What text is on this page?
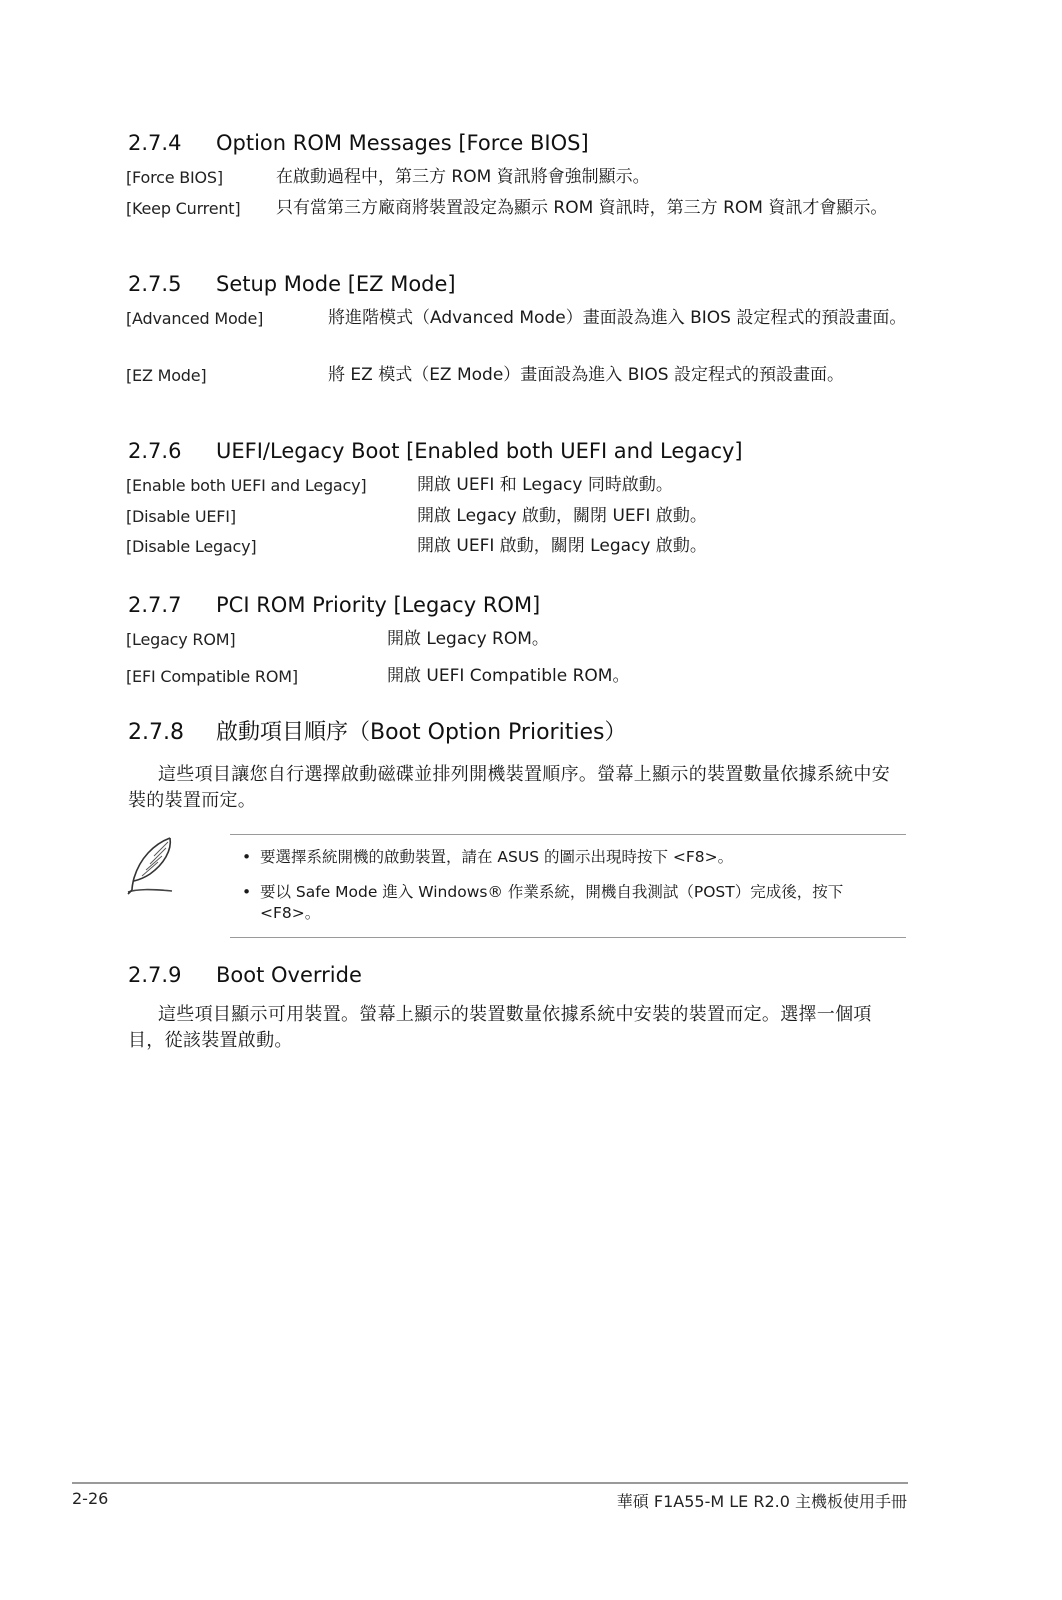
2.7.4 Option ROM Messages [Force BIOS]
[Force BIOS]	在啟動過程中，第三方 ROM 資訊將會強制顯示。
[Keep Current] 只有當第三方廠商將裝置設定為顯示 ROM 資訊時，第三方 ROM 資訊才會顯示。
2.7.5 Setup Mode [EZ Mode]
[Advanced Mode]	將進階模式（Advanced Mode）畫面設為進入 BIOS 設定程式的預設畫面。
[EZ Mode]	將 EZ 模式（EZ Mode）畫面設為進入 BIOS 設定程式的預設畫面。
2.7.6 UEFI/Legacy Boot [Enabled both UEFI and Legacy]
[Enable both UEFI and Legacy]	開啟 UEFI 和 Legacy 同時啟動。
[Disable UEFI]	開啟 Legacy 啟動，關閉 UEFI 啟動。
[Disable Legacy]	開啟 UEFI 啟動，關閉 Legacy 啟動。
2.7.7 PCI ROM Priority [Legacy ROM]
[Legacy ROM]	開啟 Legacy ROM。
[EFI Compatible ROM]	開啟 UEFI Compatible ROM。
2.7.8 啟動項目順序（Boot Option Priorities）
這些項目讓您自行選擇啟動磁碟並排列開機裝置順序。螢幕上顯示的裝置數量依據系統中安裝的裝置而定。
• 要選擇系統開機的啟動裝置，請在 ASUS 的圖示出現時按下 <F8>。
• 要以 Safe Mode 進入 Windows® 作業系統，開機自我測試（POST）完成後，按下 <F8>。
2.7.9 Boot Override
這些項目顯示可用裝置。螢幕上顯示的裝置數量依據系統中安裝的裝置而定。選擇一個項目，從該裝置啟動。
2-26	華碩 F1A55-M LE R2.0 主機板使用手冊
